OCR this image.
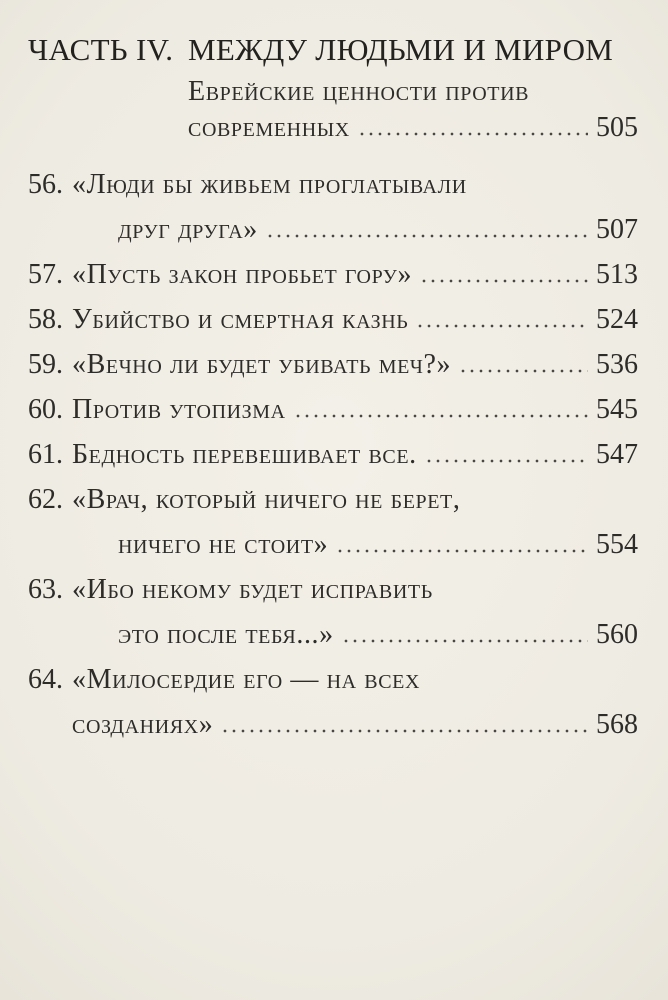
ЧАСТЬ IV. МЕЖДУ ЛЮДЬМИ И МИРОМ
Еврейские ценности против
современных	505
56. «Люди бы живьем проглатывали
друг друга»	507
57. «Пусть закон пробьет гору»	513
58. Убийство и смертная казнь	524
59. «Вечно ли будет убивать меч?»	536
60. Против утопизма	545
61. Бедность перевешивает все.	547
62. «Врач, который ничего не берет,
ничего не стоит»	554
63. «Ибо некому будет исправить
это после тебя...»	560
64. «Милосердие его — на всех
созданиях»	568
